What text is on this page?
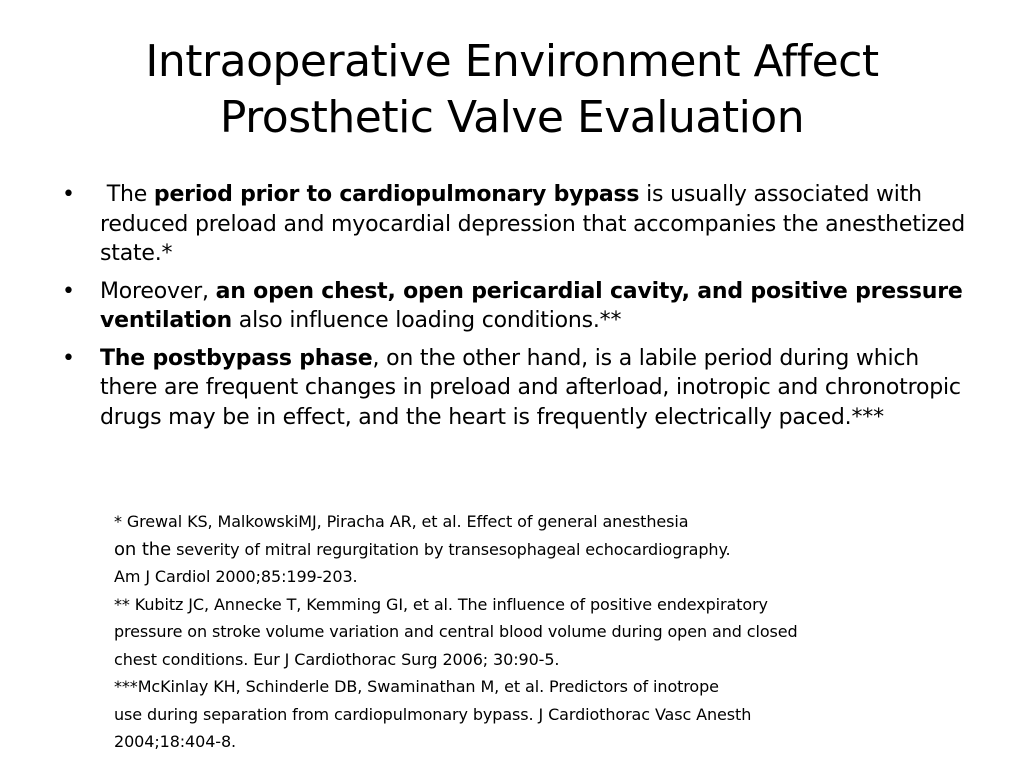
Intraoperative Environment Affect
Prosthetic Valve Evaluation
• The period prior to cardiopulmonary bypass is usually associated with reduced preload and myocardial depression that accompanies the anesthetized state.*
• Moreover, an open chest, open pericardial cavity, and positive pressure ventilation also influence loading conditions.**
• The postbypass phase, on the other hand, is a labile period during which there are frequent changes in preload and afterload, inotropic and chronotropic drugs may be in effect, and the heart is frequently electrically paced.***
* Grewal KS, MalkowskiMJ, Piracha AR, et al. Effect of general anesthesia
on the severity of mitral regurgitation by transesophageal echocardiography.
Am J Cardiol 2000;85:199-203.
** Kubitz JC, Annecke T, Kemming GI, et al. The influence of positive endexpiratory
pressure on stroke volume variation and central blood volume during open and closed
chest conditions. Eur J Cardiothorac Surg 2006; 30:90-5.
***McKinlay KH, Schinderle DB, Swaminathan M, et al. Predictors of inotrope
use during separation from cardiopulmonary bypass. J Cardiothorac Vasc Anesth
2004;18:404-8.
